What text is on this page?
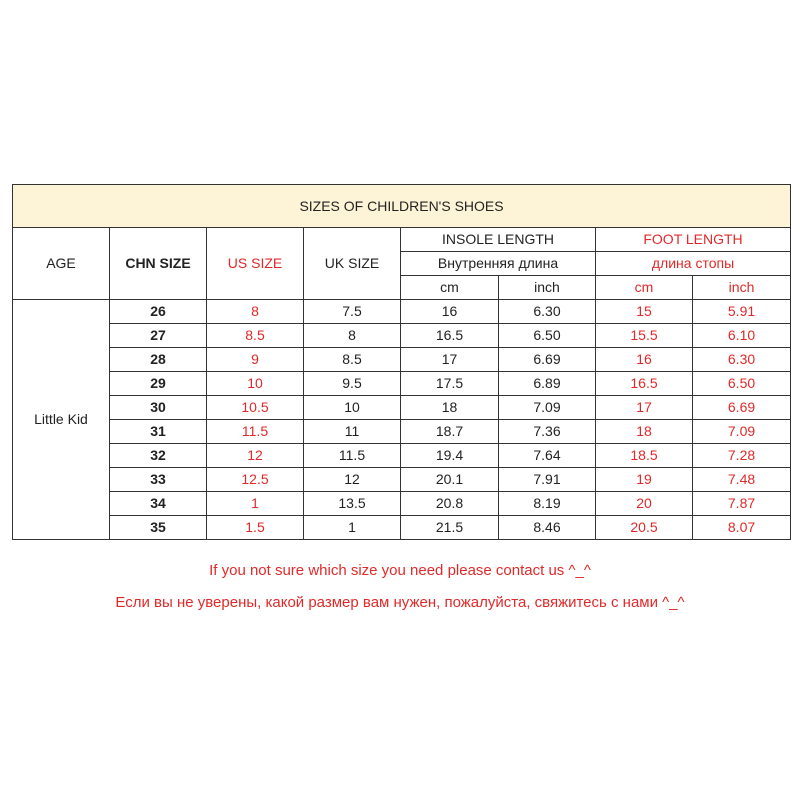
SIZES OF CHILDREN'S SHOES							
AGE	CHN SIZE	US SIZE	UK SIZE	INSOLE LENGTH		FOOT LENGTH	
				Внутренняя длина		длина стопы	
				cm	inch	cm	inch
Little Kid	26	8	7.5	16	6.30	15	5.91
	27	8.5	8	16.5	6.50	15.5	6.10
	28	9	8.5	17	6.69	16	6.30
	29	10	9.5	17.5	6.89	16.5	6.50
	30	10.5	10	18	7.09	17	6.69
	31	11.5	11	18.7	7.36	18	7.09
	32	12	11.5	19.4	7.64	18.5	7.28
	33	12.5	12	20.1	7.91	19	7.48
	34	1	13.5	20.8	8.19	20	7.87
	35	1.5	1	21.5	8.46	20.5	8.07
If you not sure which size you need please contact us ^_^
Если вы не уверены, какой размер вам нужен, пожалуйста, свяжитесь с нами ^_^
